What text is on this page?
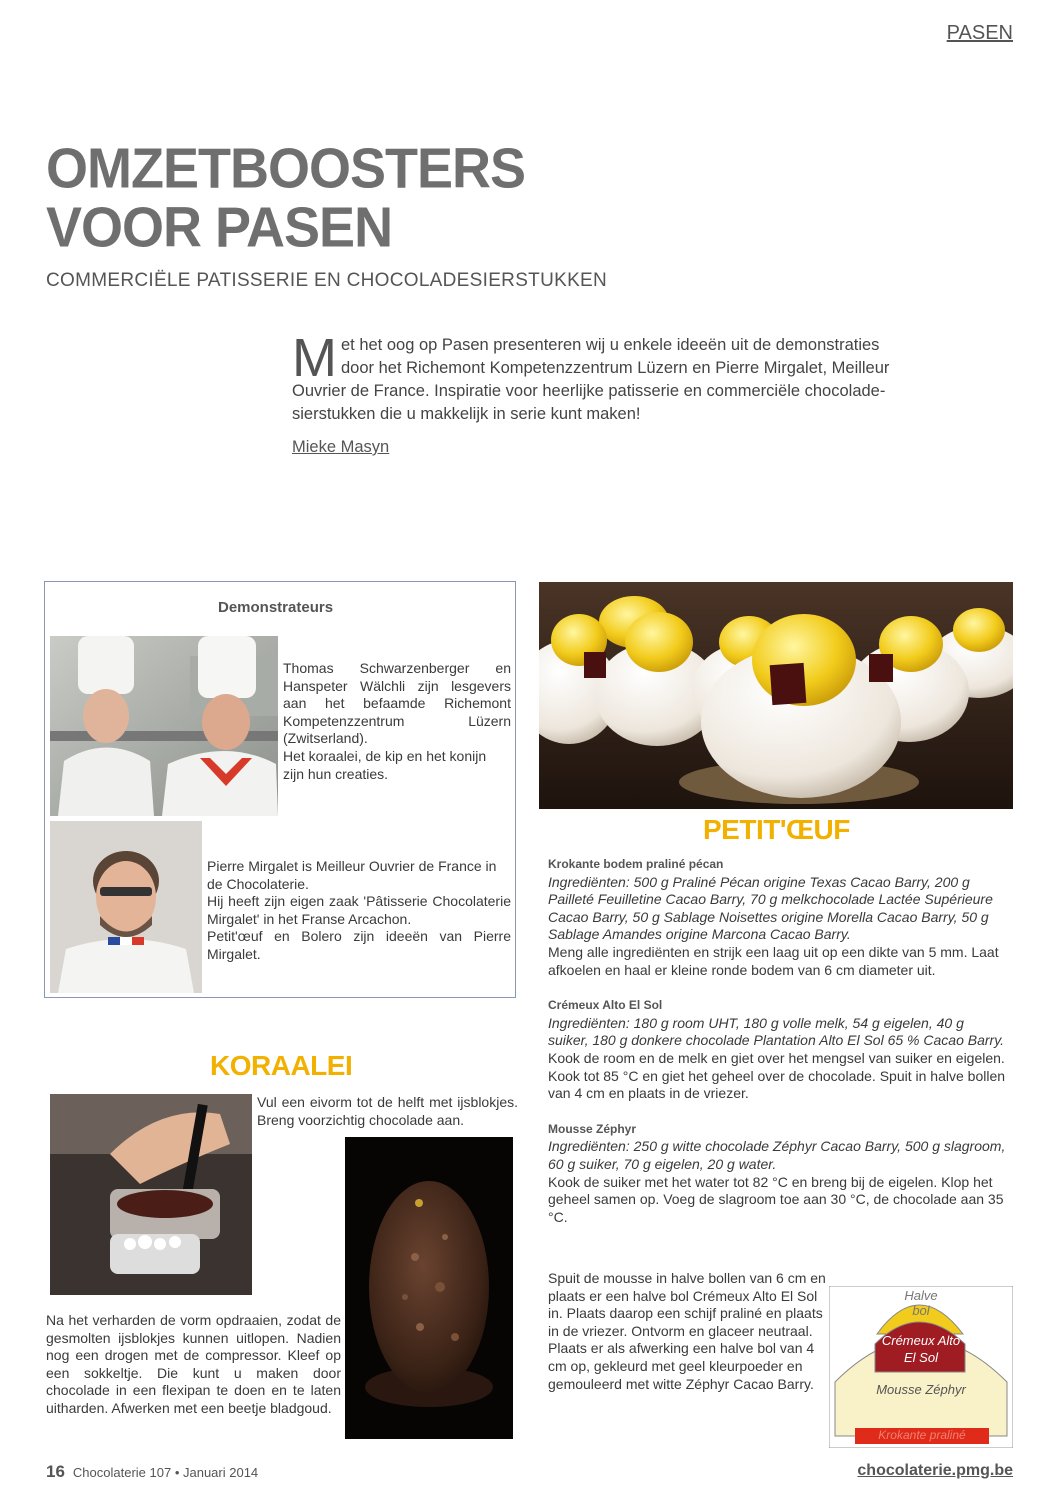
PASEN
OMZETBOOSTERS
VOOR PASEN
COMMERCIËLE PATISSERIE EN CHOCOLADESIERSTUKKEN
Met het oog op Pasen presenteren wij u enkele ideeën uit de demonstraties door het Richemont Kompetenzzentrum Lüzern en Pierre Mirgalet, Meilleur Ouvrier de France. Inspiratie voor heerlijke patisserie en commerciële chocolade-sierstukken die u makkelijk in serie kunt maken!
Mieke Masyn
Demonstrateurs
Thomas Schwarzenberger en Hanspeter Wälchli zijn lesgevers aan het befaamde Richemont Kompetenzzentrum Lüzern (Zwitserland).
Het koraalei, de kip en het konijn zijn hun creaties.
Pierre Mirgalet is Meilleur Ouvrier de France in de Chocolaterie.
Hij heeft zijn eigen zaak 'Pâtisserie Chocolaterie Mirgalet' in het Franse Arcachon.
Petit'œuf en Bolero zijn ideeën van Pierre Mirgalet.
PETIT'ŒUF
Krokante bodem praliné pécan
Ingrediënten: 500 g Praliné Pécan origine Texas Cacao Barry, 200 g Pailleté Feuilletine Cacao Barry, 70 g melkchocolade Lactée Supérieure Cacao Barry, 50 g Sablage Noisettes origine Morella Cacao Barry, 50 g Sablage Amandes origine Marcona Cacao Barry.
Meng alle ingrediënten en strijk een laag uit op een dikte van 5 mm. Laat afkoelen en haal er kleine ronde bodem van 6 cm diameter uit.
Crémeux Alto El Sol
Ingrediënten: 180 g room UHT, 180 g volle melk, 54 g eigelen, 40 g suiker, 180 g donkere chocolade Plantation Alto El Sol 65 % Cacao Barry.
Kook de room en de melk en giet over het mengsel van suiker en eigelen. Kook tot 85 °C en giet het geheel over de chocolade. Spuit in halve bollen van 4 cm en plaats in de vriezer.
Mousse Zéphyr
Ingrediënten: 250 g witte chocolade Zéphyr Cacao Barry, 500 g slagroom, 60 g suiker, 70 g eigelen, 20 g water.
Kook de suiker met het water tot 82 °C en breng bij de eigelen. Klop het geheel samen op. Voeg de slagroom toe aan 30 °C, de chocolade aan 35 °C.
Spuit de mousse in halve bollen van 6 cm en plaats er een halve bol Crémeux Alto El Sol in. Plaats daarop een schijf praliné en plaats in de vriezer. Ontvorm en glaceer neutraal. Plaats er als afwerking een halve bol van 4 cm op, gekleurd met geel kleurpoeder en gemouleerd met witte Zéphyr Cacao Barry.
Halve bol
Crémeux Alto El Sol
Mousse Zéphyr
Krokante praliné
KORAALEI
Vul een eivorm tot de helft met ijsblokjes. Breng voorzichtig chocolade aan.
Na het verharden de vorm opdraaien, zodat de gesmolten ijsblokjes kunnen uitlopen. Nadien nog een drogen met de compressor. Kleef op een sokkeltje. Die kunt u maken door chocolade in een flexipan te doen en te laten uitharden. Afwerken met een beetje bladgoud.
16 Chocolaterie 107 • Januari 2014	chocolaterie.pmg.be
